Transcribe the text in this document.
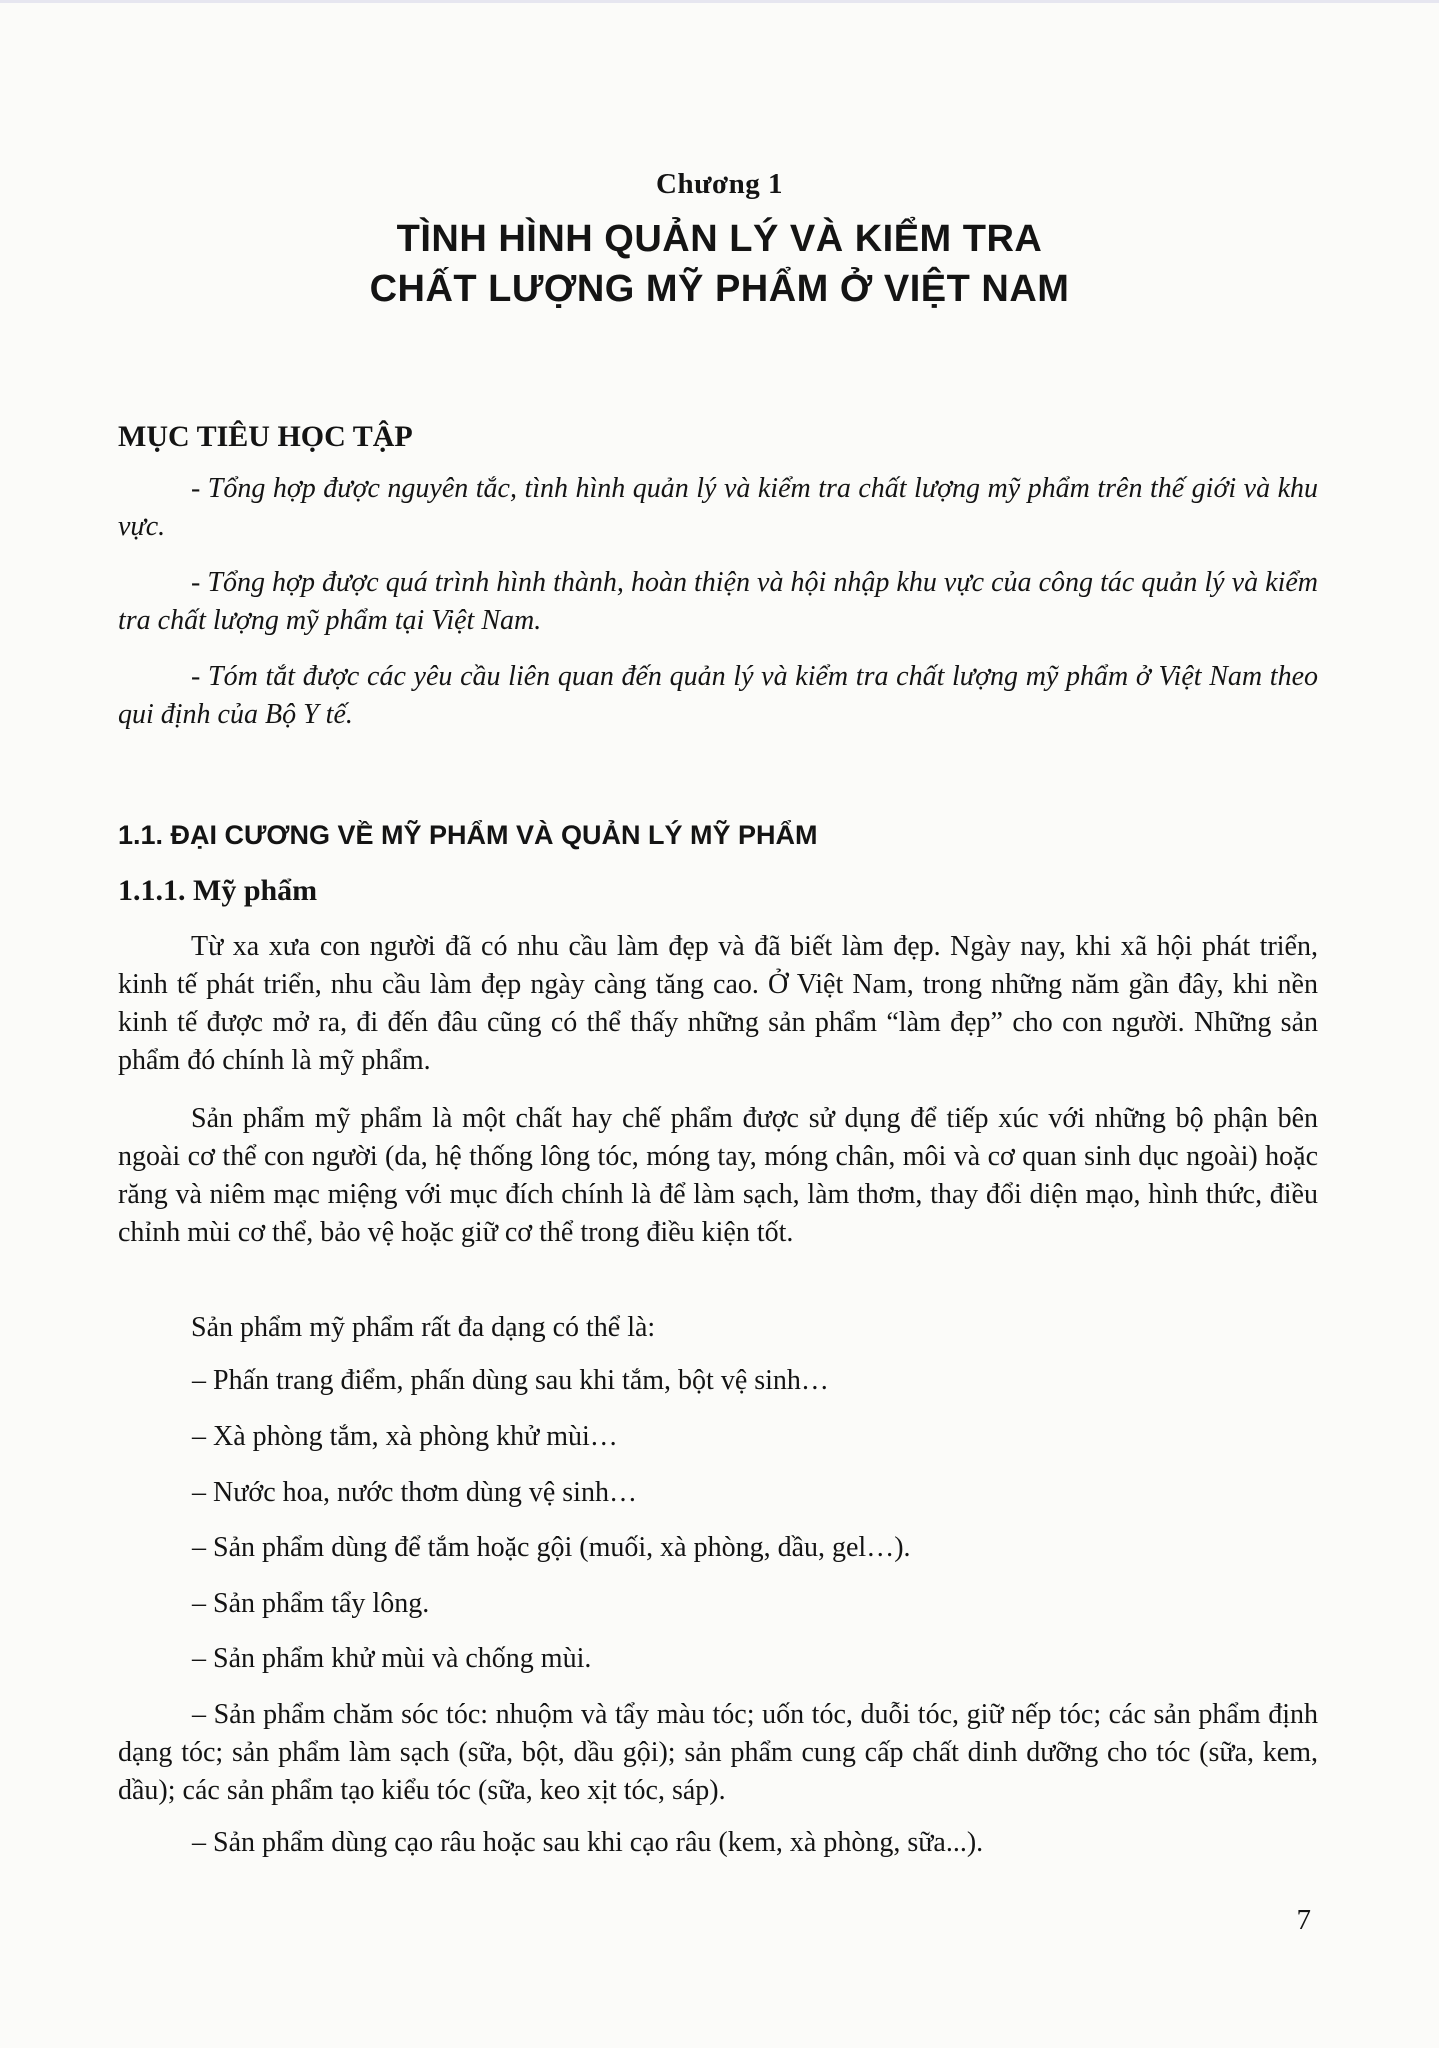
Chương 1
TÌNH HÌNH QUẢN LÝ VÀ KIỂM TRA
CHẤT LƯỢNG MỸ PHẨM Ở VIỆT NAM
MỤC TIÊU HỌC TẬP

- Tổng hợp được nguyên tắc, tình hình quản lý và kiểm tra chất lượng mỹ phẩm trên thế giới và khu vực.

- Tổng hợp được quá trình hình thành, hoàn thiện và hội nhập khu vực của công tác quản lý và kiểm tra chất lượng mỹ phẩm tại Việt Nam.

- Tóm tắt được các yêu cầu liên quan đến quản lý và kiểm tra chất lượng mỹ phẩm ở Việt Nam theo qui định của Bộ Y tế.

1.1. ĐẠI CƯƠNG VỀ MỸ PHẨM VÀ QUẢN LÝ MỸ PHẨM
1.1.1. Mỹ phẩm

Từ xa xưa con người đã có nhu cầu làm đẹp và đã biết làm đẹp. Ngày nay, khi xã hội phát triển, kinh tế phát triển, nhu cầu làm đẹp ngày càng tăng cao. Ở Việt Nam, trong những năm gần đây, khi nền kinh tế được mở ra, đi đến đâu cũng có thể thấy những sản phẩm “làm đẹp” cho con người. Những sản phẩm đó chính là mỹ phẩm.

Sản phẩm mỹ phẩm là một chất hay chế phẩm được sử dụng để tiếp xúc với những bộ phận bên ngoài cơ thể con người (da, hệ thống lông tóc, móng tay, móng chân, môi và cơ quan sinh dục ngoài) hoặc răng và niêm mạc miệng với mục đích chính là để làm sạch, làm thơm, thay đổi diện mạo, hình thức, điều chỉnh mùi cơ thể, bảo vệ hoặc giữ cơ thể trong điều kiện tốt.

Sản phẩm mỹ phẩm rất đa dạng có thể là:

– Phấn trang điểm, phấn dùng sau khi tắm, bột vệ sinh…

– Xà phòng tắm, xà phòng khử mùi…

– Nước hoa, nước thơm dùng vệ sinh…

– Sản phẩm dùng để tắm hoặc gội (muối, xà phòng, dầu, gel…).

– Sản phẩm tẩy lông.

– Sản phẩm khử mùi và chống mùi.

– Sản phẩm chăm sóc tóc: nhuộm và tẩy màu tóc; uốn tóc, duỗi tóc, giữ nếp tóc; các sản phẩm định dạng tóc; sản phẩm làm sạch (sữa, bột, dầu gội); sản phẩm cung cấp chất dinh dưỡng cho tóc (sữa, kem, dầu); các sản phẩm tạo kiểu tóc (sữa, keo xịt tóc, sáp).

– Sản phẩm dùng cạo râu hoặc sau khi cạo râu (kem, xà phòng, sữa...).

7
